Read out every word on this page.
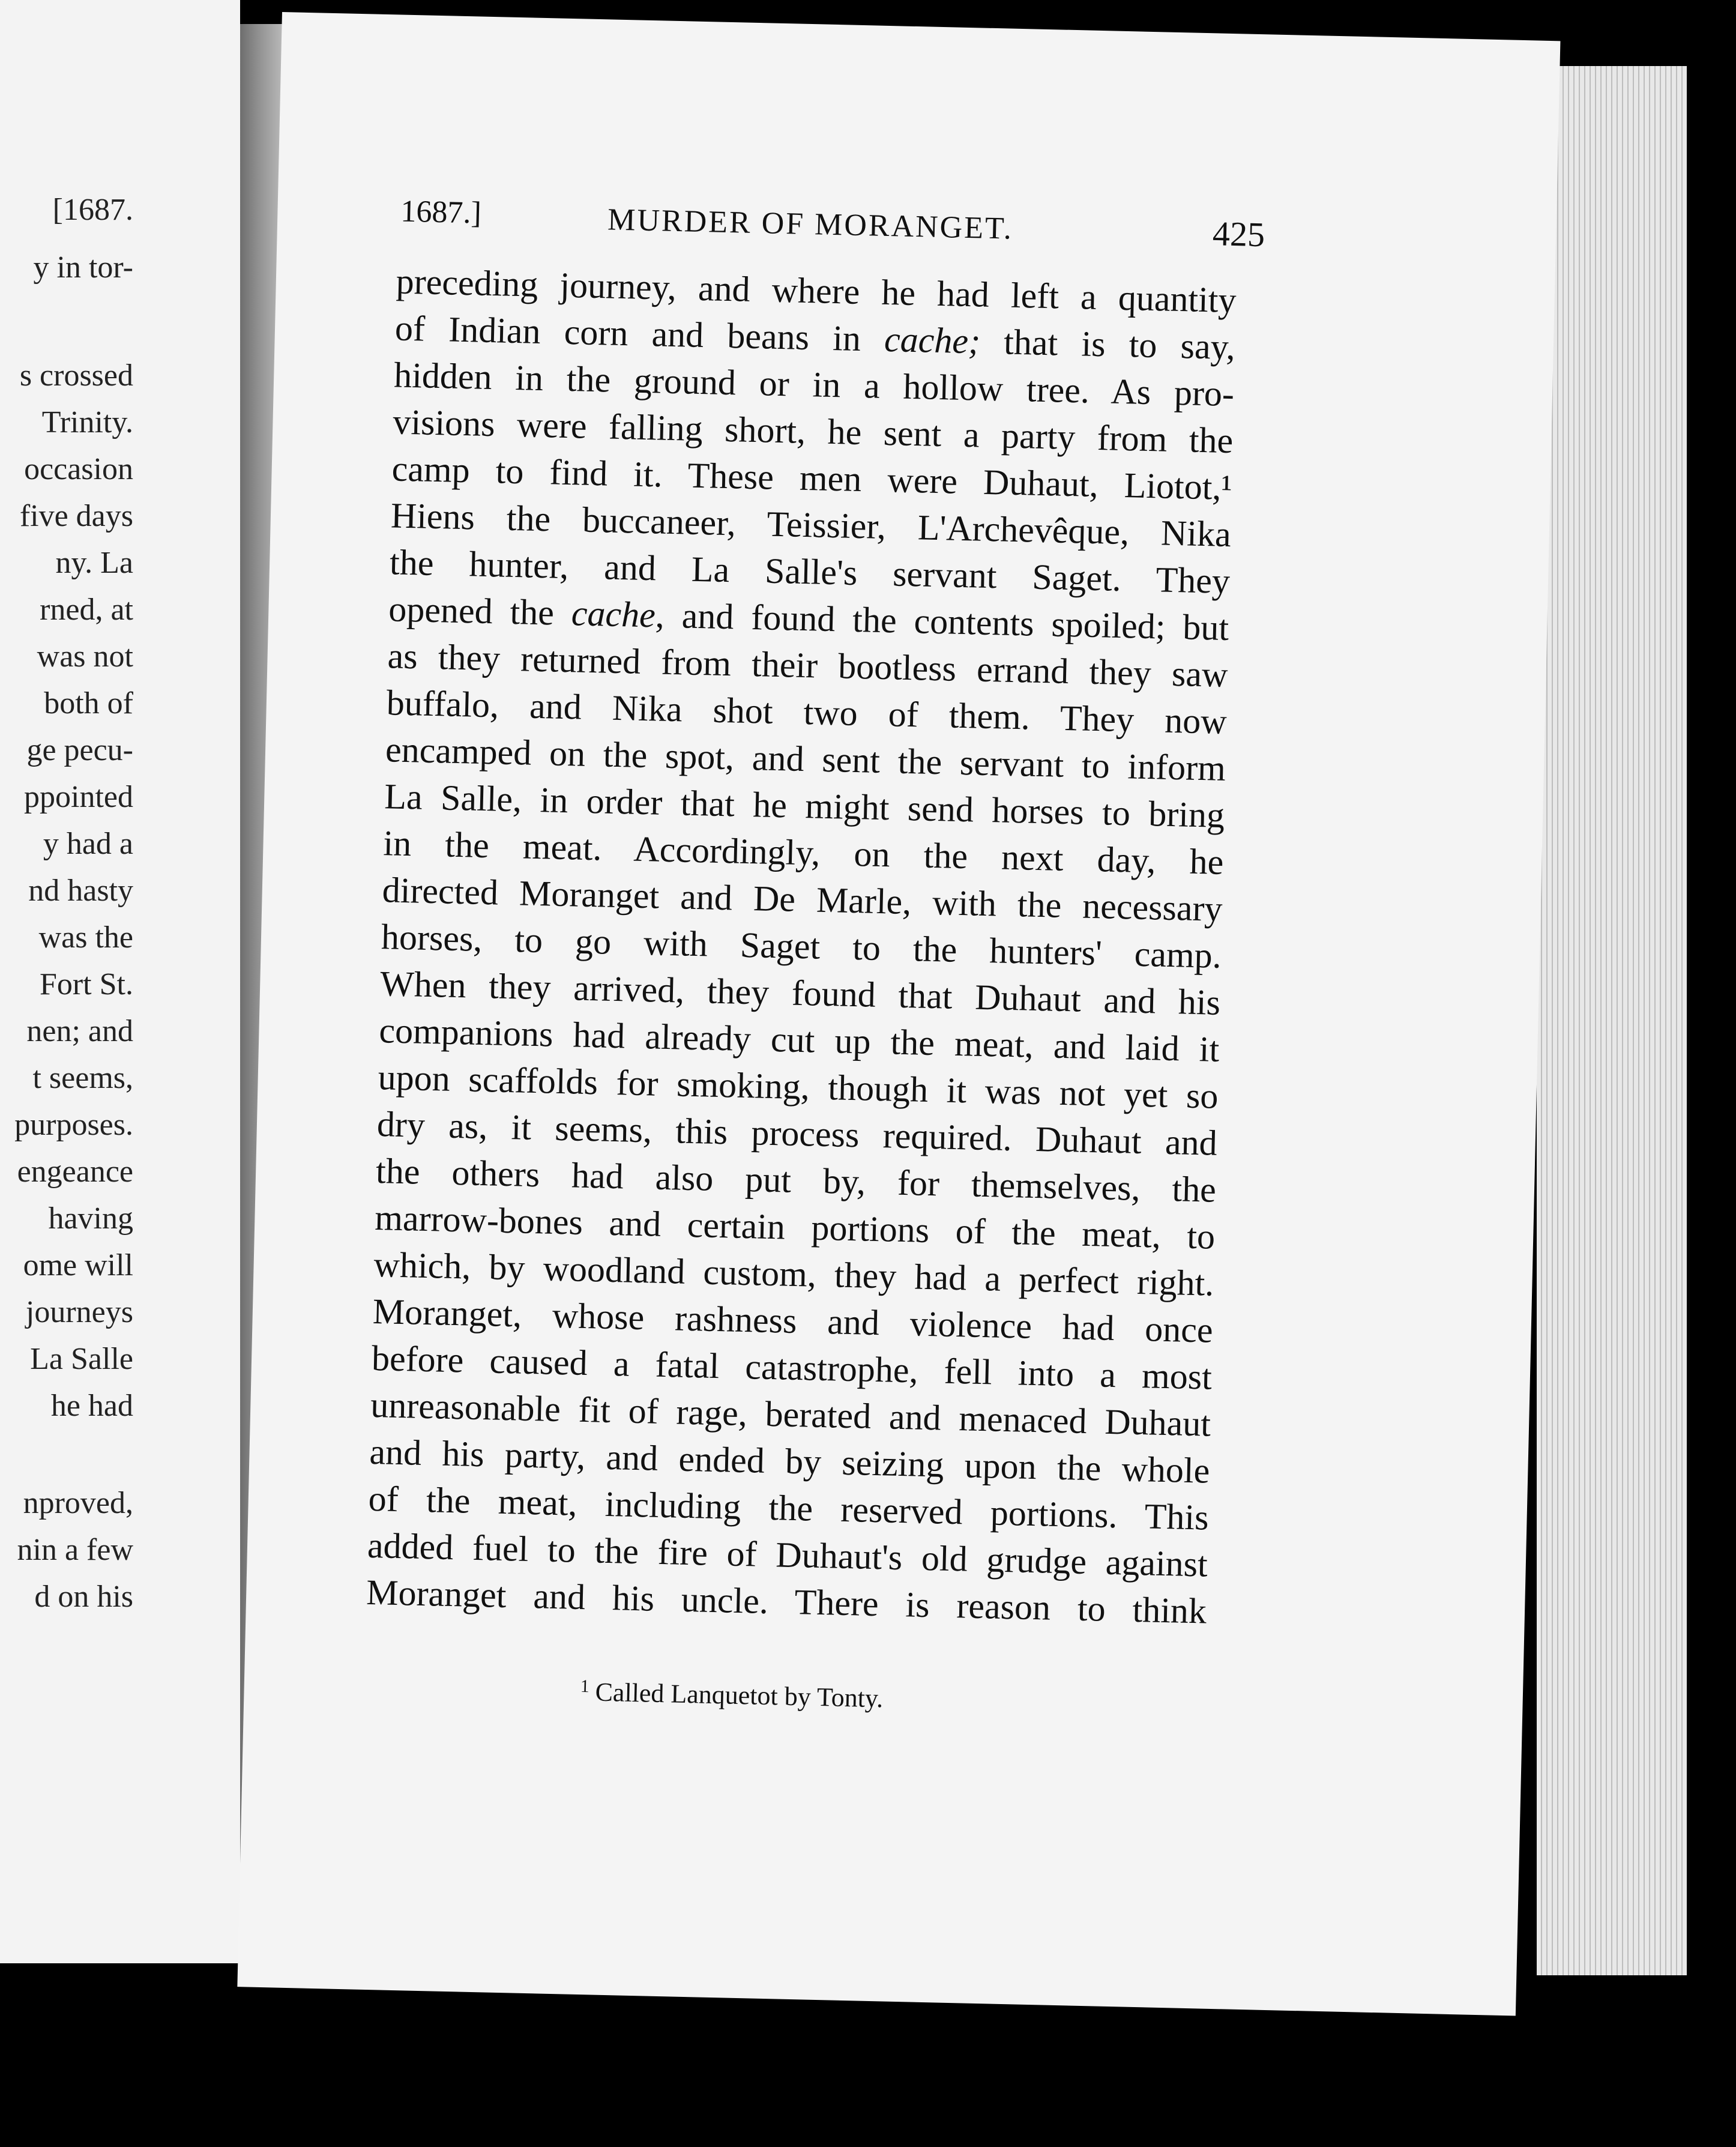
[1687.
y in tor-
s crossed
Trinity.
occasion
five days
ny. La
rned, at
was not
both of
ge pecu-
ppointed
y had a
nd hasty
was the
Fort St.
nen; and
t seems,
purposes.
engeance
having
ome will
journeys
La Salle
he had
nproved,
nin a few
d on his
1687.]	MURDER OF MORANGET.	425
preceding journey, and where he had left a quantity
of Indian corn and beans in cache; that is to say,
hidden in the ground or in a hollow tree. As pro-
visions were falling short, he sent a party from the
camp to find it. These men were Duhaut, Liotot,¹
Hiens the buccaneer, Teissier, L'Archevêque, Nika
the hunter, and La Salle's servant Saget. They
opened the cache, and found the contents spoiled; but
as they returned from their bootless errand they saw
buffalo, and Nika shot two of them. They now
encamped on the spot, and sent the servant to inform
La Salle, in order that he might send horses to bring
in the meat. Accordingly, on the next day, he
directed Moranget and De Marle, with the necessary
horses, to go with Saget to the hunters' camp.
When they arrived, they found that Duhaut and his
companions had already cut up the meat, and laid it
upon scaffolds for smoking, though it was not yet so
dry as, it seems, this process required. Duhaut and
the others had also put by, for themselves, the
marrow-bones and certain portions of the meat, to
which, by woodland custom, they had a perfect right.
Moranget, whose rashness and violence had once
before caused a fatal catastrophe, fell into a most
unreasonable fit of rage, berated and menaced Duhaut
and his party, and ended by seizing upon the whole
of the meat, including the reserved portions. This
added fuel to the fire of Duhaut's old grudge against
Moranget and his uncle. There is reason to think
$^1$ Called Lanquetot by Tonty.
